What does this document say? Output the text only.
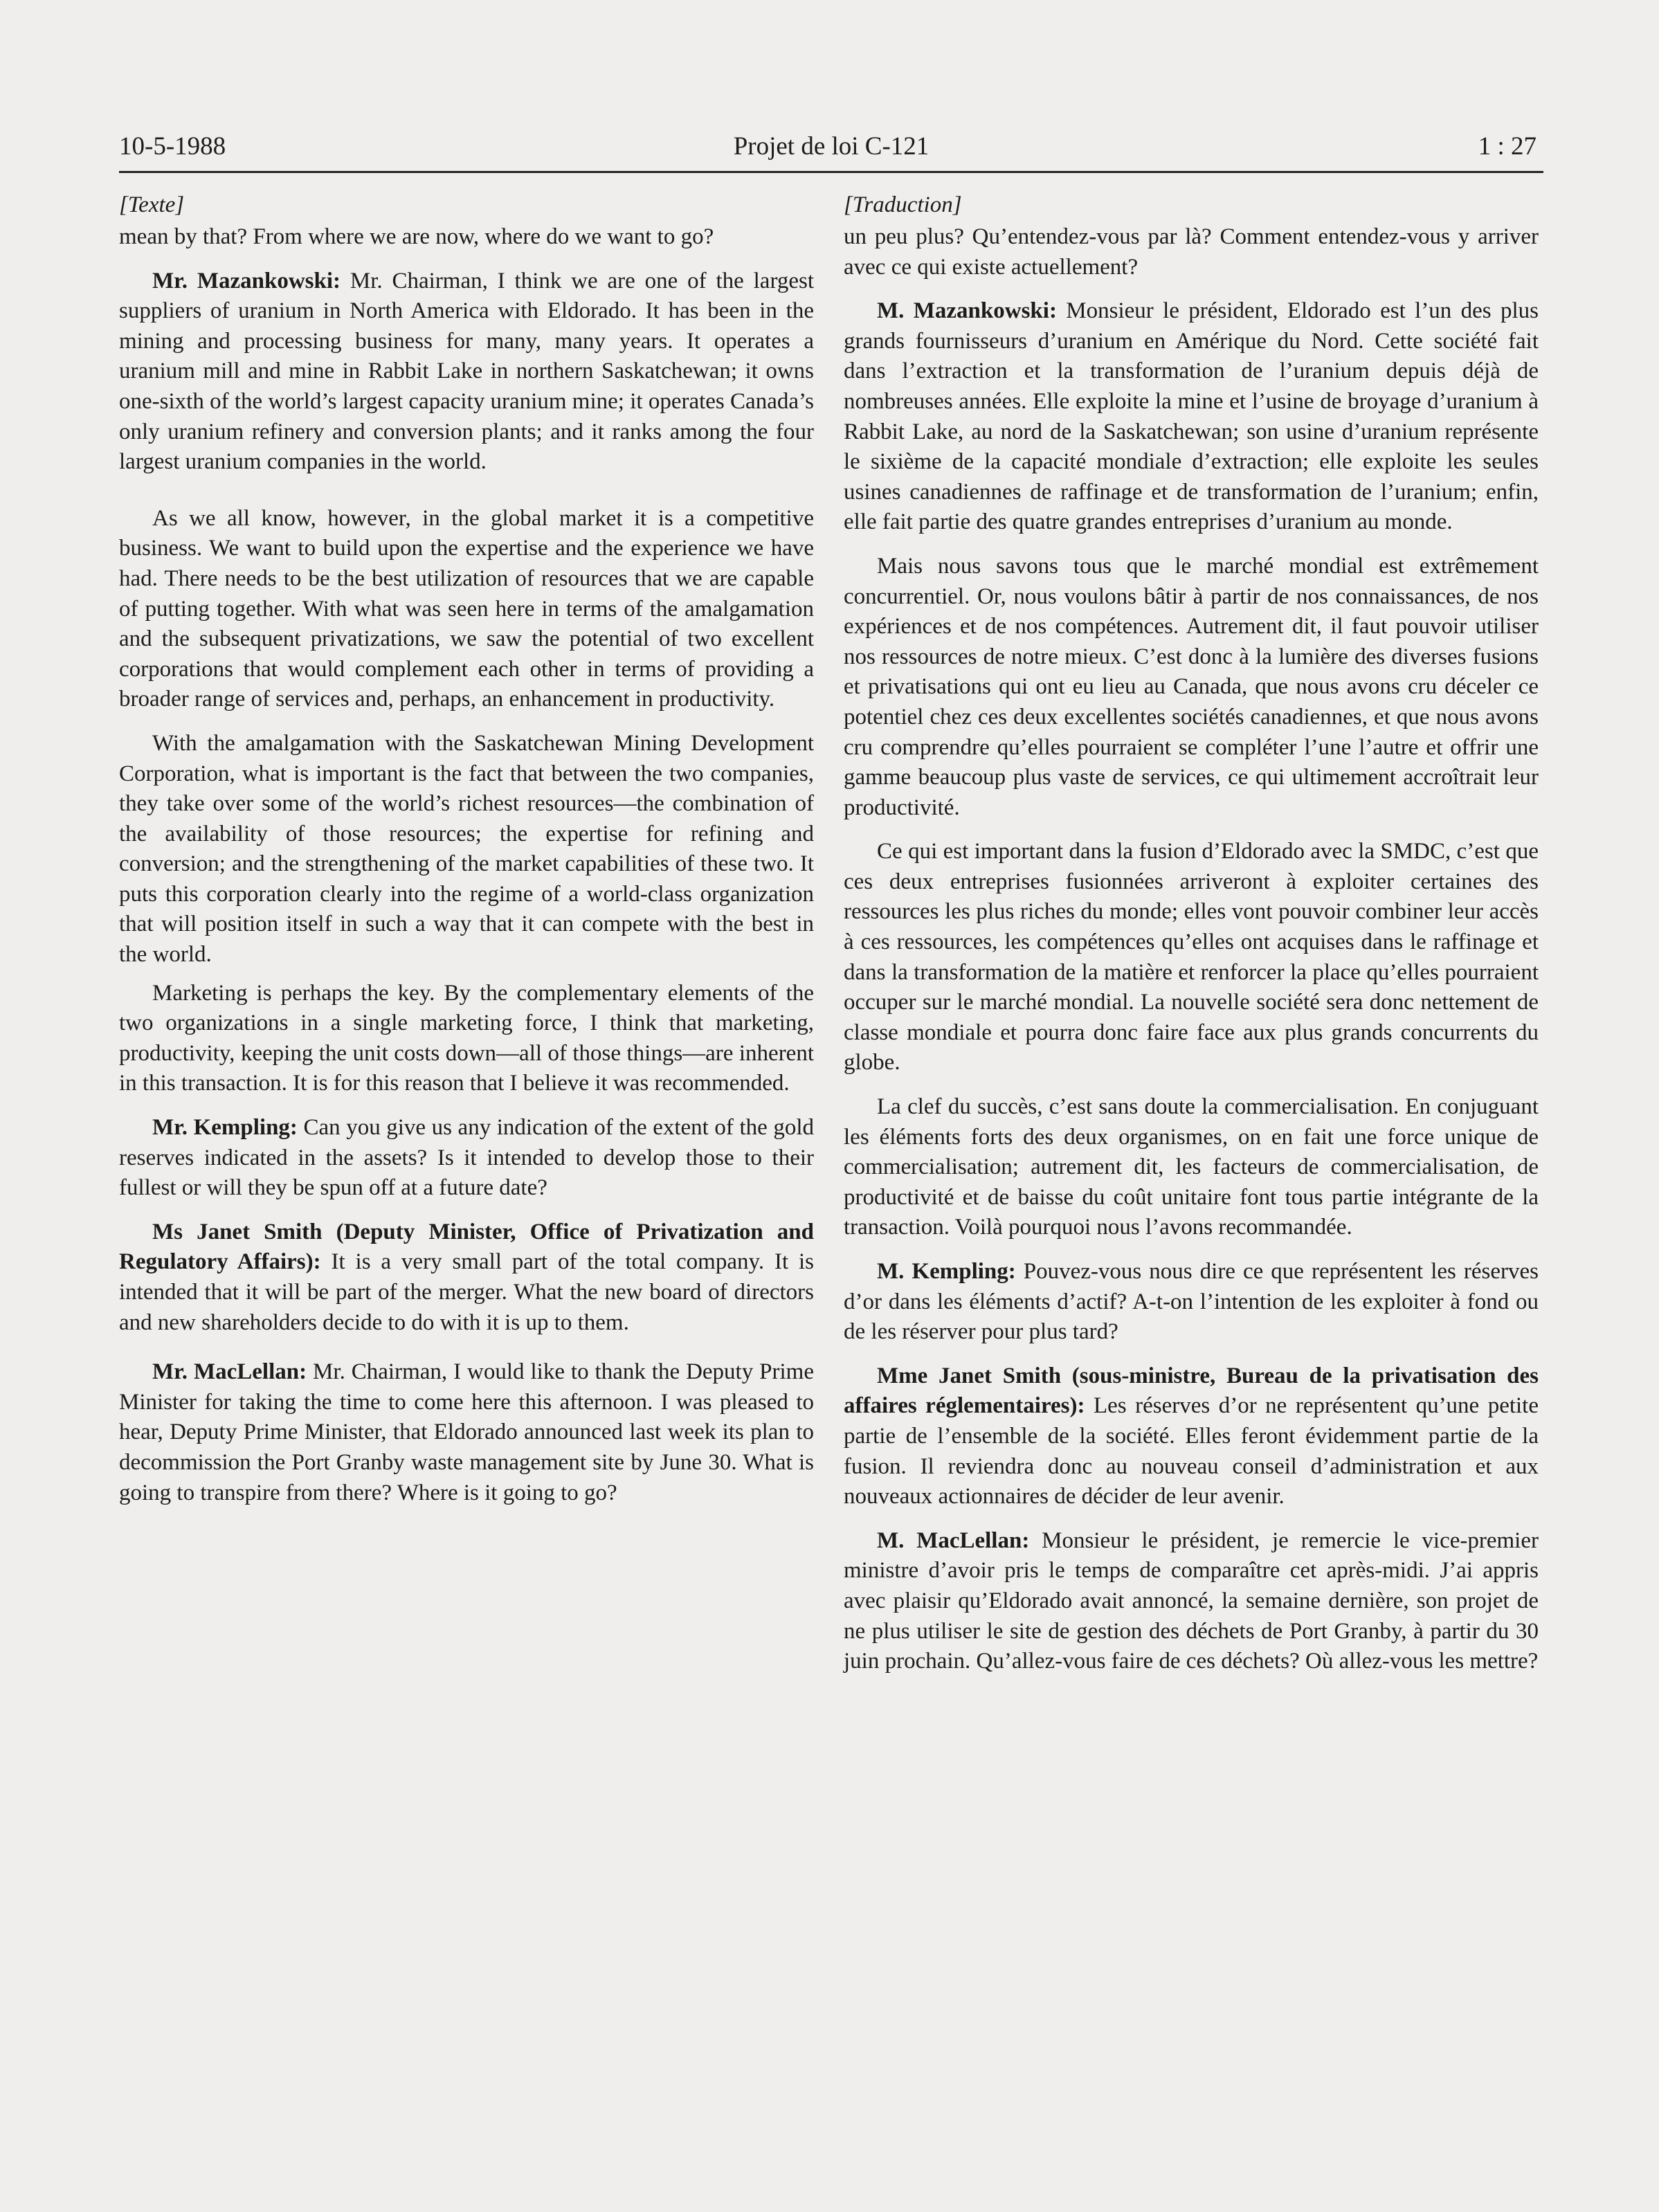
10-5-1988	Projet de loi C-121	1 : 27
[Texte]

mean by that? From where we are now, where do we want to go?

Mr. Mazankowski: Mr. Chairman, I think we are one of the largest suppliers of uranium in North America with Eldorado. It has been in the mining and processing business for many, many years. It operates a uranium mill and mine in Rabbit Lake in northern Saskatchewan; it owns one-sixth of the world’s largest capacity uranium mine; it operates Canada’s only uranium refinery and conversion plants; and it ranks among the four largest uranium companies in the world.

As we all know, however, in the global market it is a competitive business. We want to build upon the expertise and the experience we have had. There needs to be the best utilization of resources that we are capable of putting together. With what was seen here in terms of the amalgamation and the subsequent privatizations, we saw the potential of two excellent corporations that would complement each other in terms of providing a broader range of services and, perhaps, an enhancement in productivity.

With the amalgamation with the Saskatchewan Mining Development Corporation, what is important is the fact that between the two companies, they take over some of the world’s richest resources—the combination of the availability of those resources; the expertise for refining and conversion; and the strengthening of the market capabilities of these two. It puts this corporation clearly into the regime of a world-class organization that will position itself in such a way that it can compete with the best in the world.

Marketing is perhaps the key. By the complementary elements of the two organizations in a single marketing force, I think that marketing, productivity, keeping the unit costs down—all of those things—are inherent in this transaction. It is for this reason that I believe it was recommended.

Mr. Kempling: Can you give us any indication of the extent of the gold reserves indicated in the assets? Is it intended to develop those to their fullest or will they be spun off at a future date?

Ms Janet Smith (Deputy Minister, Office of Privatization and Regulatory Affairs): It is a very small part of the total company. It is intended that it will be part of the merger. What the new board of directors and new shareholders decide to do with it is up to them.

Mr. MacLellan: Mr. Chairman, I would like to thank the Deputy Prime Minister for taking the time to come here this afternoon. I was pleased to hear, Deputy Prime Minister, that Eldorado announced last week its plan to decommission the Port Granby waste management site by June 30. What is going to transpire from there? Where is it going to go?

[Traduction]

un peu plus? Qu’entendez-vous par là? Comment entendez-vous y arriver avec ce qui existe actuellement?

M. Mazankowski: Monsieur le président, Eldorado est l’un des plus grands fournisseurs d’uranium en Amérique du Nord. Cette société fait dans l’extraction et la transformation de l’uranium depuis déjà de nombreuses années. Elle exploite la mine et l’usine de broyage d’uranium à Rabbit Lake, au nord de la Saskatchewan; son usine d’uranium représente le sixième de la capacité mondiale d’extraction; elle exploite les seules usines canadiennes de raffinage et de transformation de l’uranium; enfin, elle fait partie des quatre grandes entreprises d’uranium au monde.

Mais nous savons tous que le marché mondial est extrêmement concurrentiel. Or, nous voulons bâtir à partir de nos connaissances, de nos expériences et de nos compétences. Autrement dit, il faut pouvoir utiliser nos ressources de notre mieux. C’est donc à la lumière des diverses fusions et privatisations qui ont eu lieu au Canada, que nous avons cru déceler ce potentiel chez ces deux excellentes sociétés canadiennes, et que nous avons cru comprendre qu’elles pourraient se compléter l’une l’autre et offrir une gamme beaucoup plus vaste de services, ce qui ultimement accroîtrait leur productivité.

Ce qui est important dans la fusion d’Eldorado avec la SMDC, c’est que ces deux entreprises fusionnées arriveront à exploiter certaines des ressources les plus riches du monde; elles vont pouvoir combiner leur accès à ces ressources, les compétences qu’elles ont acquises dans le raffinage et dans la transformation de la matière et renforcer la place qu’elles pourraient occuper sur le marché mondial. La nouvelle société sera donc nettement de classe mondiale et pourra donc faire face aux plus grands concurrents du globe.

La clef du succès, c’est sans doute la commercialisation. En conjuguant les éléments forts des deux organismes, on en fait une force unique de commercialisation; autrement dit, les facteurs de commercialisation, de productivité et de baisse du coût unitaire font tous partie intégrante de la transaction. Voilà pourquoi nous l’avons recommandée.

M. Kempling: Pouvez-vous nous dire ce que représentent les réserves d’or dans les éléments d’actif? A-t-on l’intention de les exploiter à fond ou de les réserver pour plus tard?

Mme Janet Smith (sous-ministre, Bureau de la privatisation des affaires réglementaires): Les réserves d’or ne représentent qu’une petite partie de l’ensemble de la société. Elles feront évidemment partie de la fusion. Il reviendra donc au nouveau conseil d’administration et aux nouveaux actionnaires de décider de leur avenir.

M. MacLellan: Monsieur le président, je remercie le vice-premier ministre d’avoir pris le temps de comparaître cet après-midi. J’ai appris avec plaisir qu’Eldorado avait annoncé, la semaine dernière, son projet de ne plus utiliser le site de gestion des déchets de Port Granby, à partir du 30 juin prochain. Qu’allez-vous faire de ces déchets? Où allez-vous les mettre?
